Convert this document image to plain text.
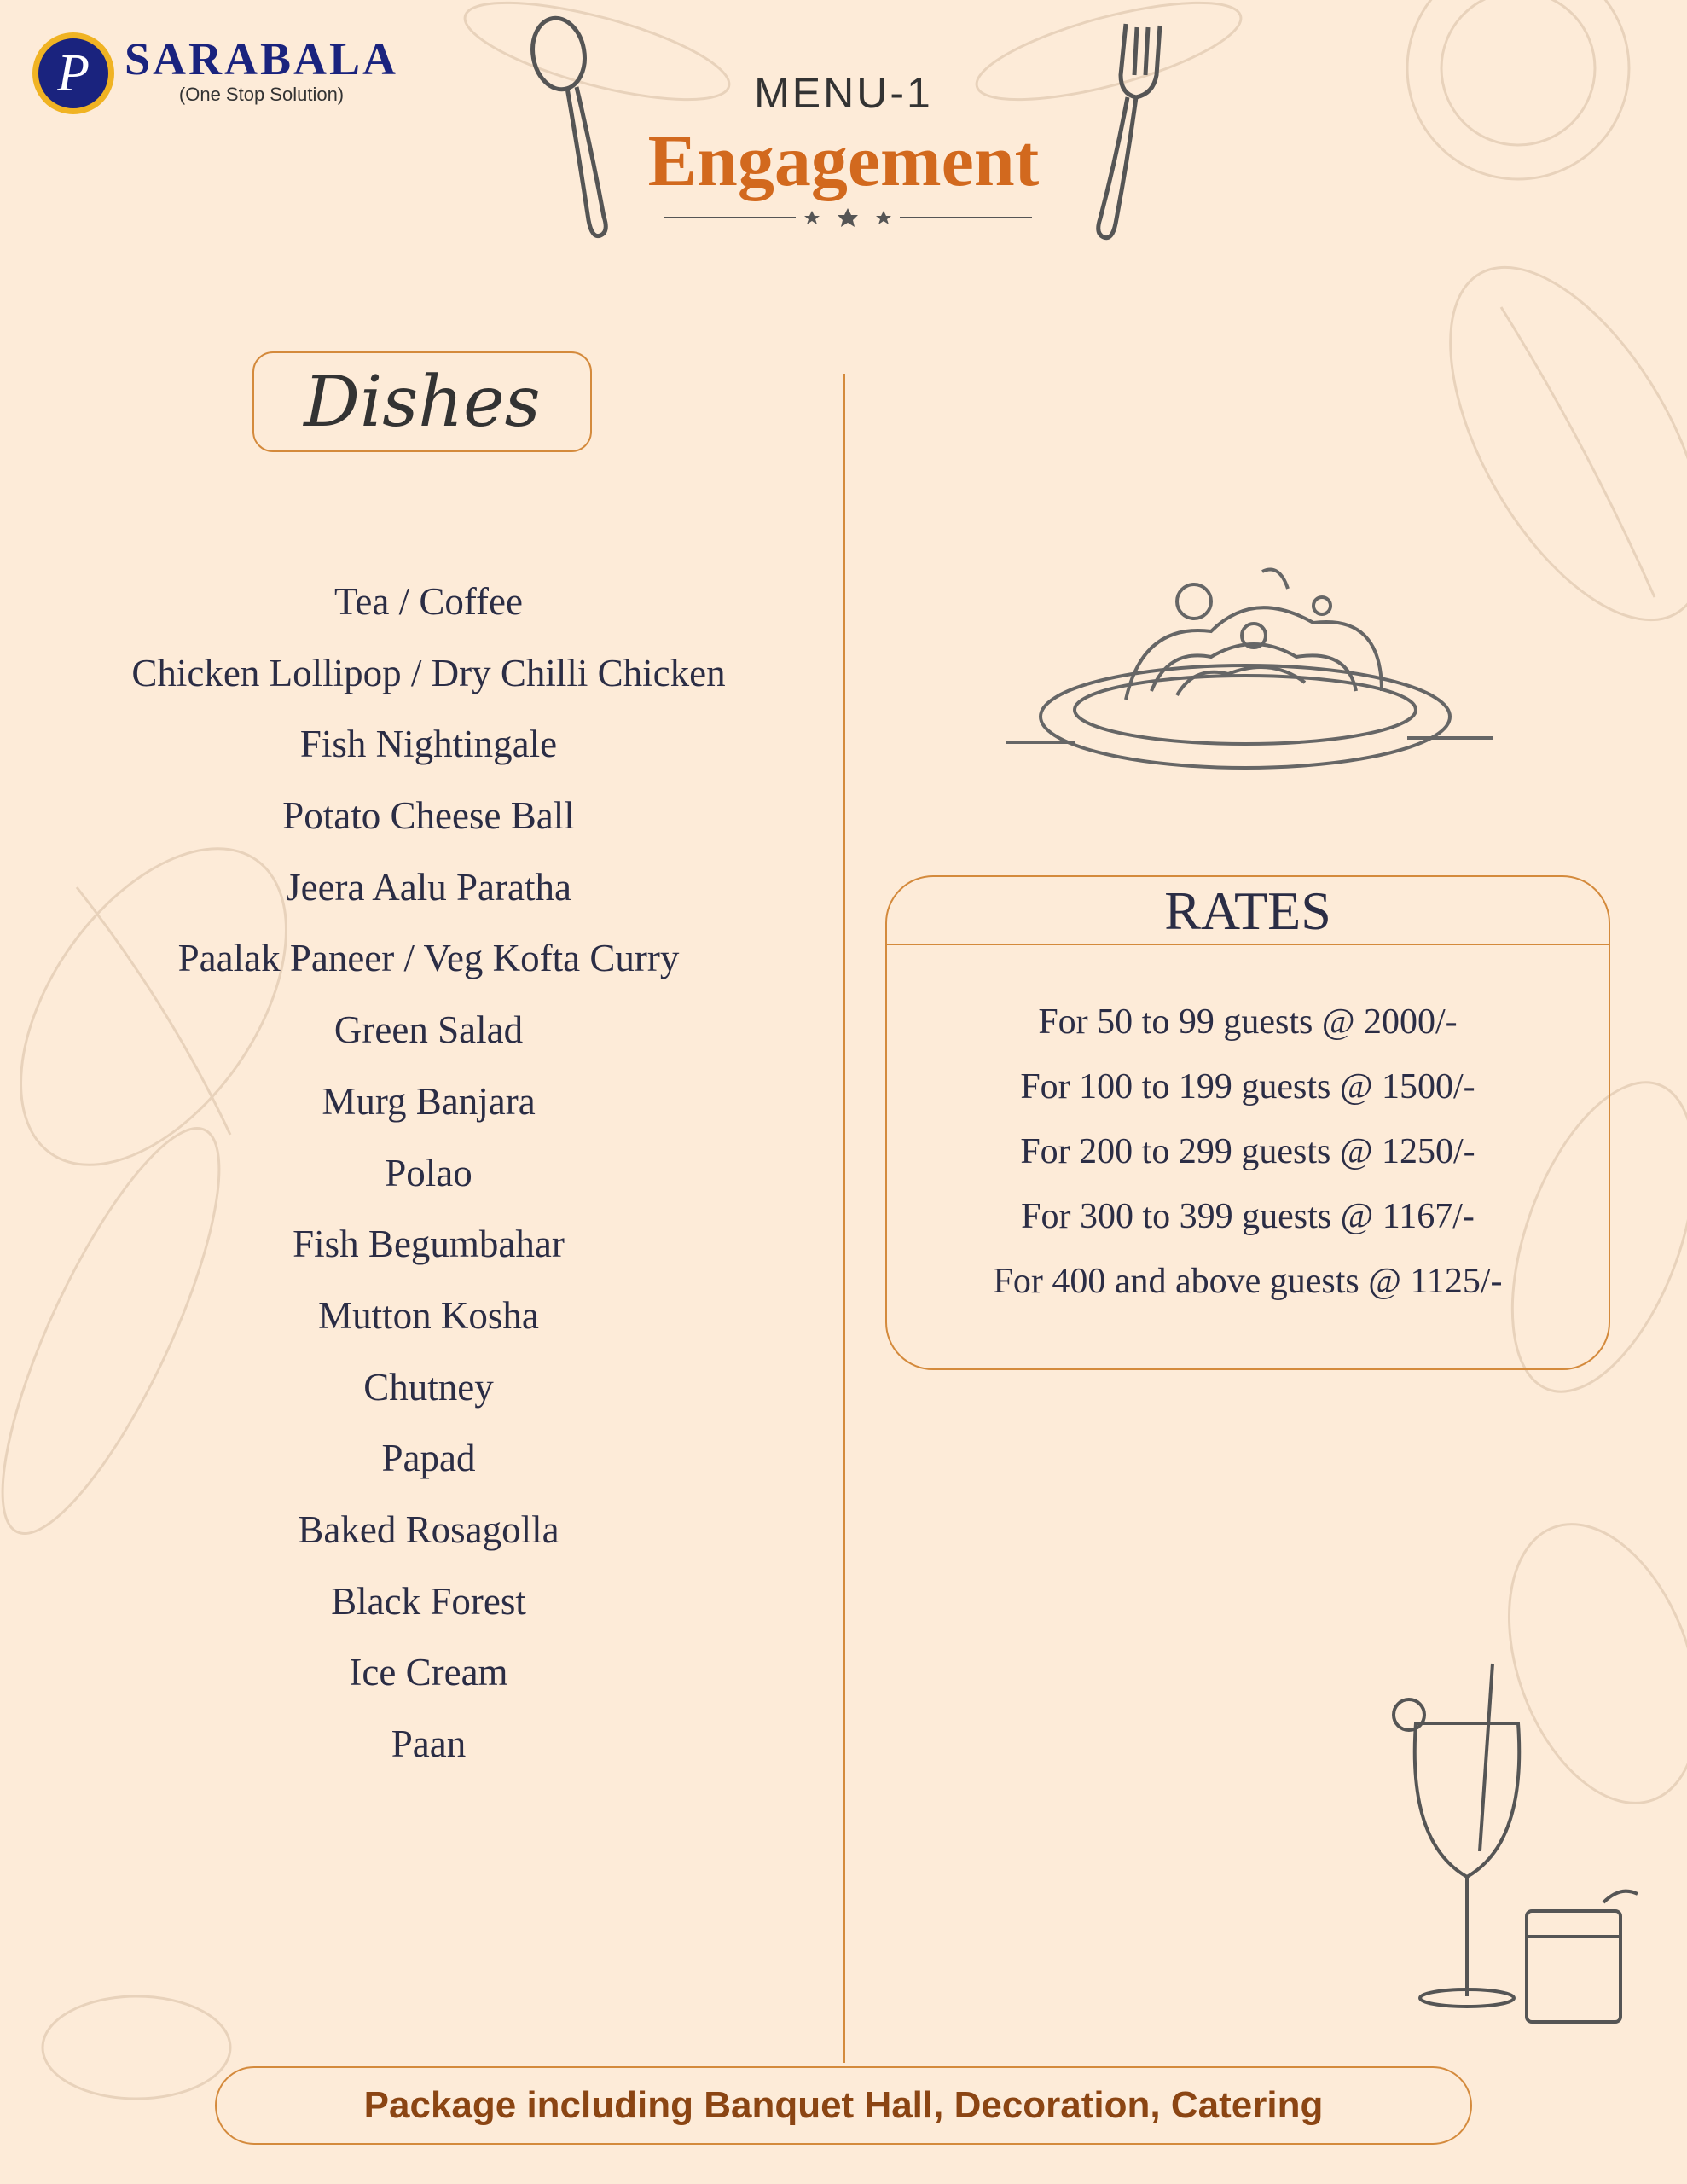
P SARABALA
(One Stop Solution)	MENU-1
Engagement
Dishes
Tea / Coffee
Chicken Lollipop / Dry Chilli Chicken
Fish Nightingale
Potato Cheese Ball
Jeera Aalu Paratha
Paalak Paneer / Veg Kofta Curry
Green Salad
Murg Banjara
Polao
Fish Begumbahar
Mutton Kosha
Chutney
Papad
Baked Rosagolla
Black Forest
Ice Cream
Paan
RATES
For 50 to 99 guests @ 2000/-
For 100 to 199 guests @ 1500/-
For 200 to 299 guests @ 1250/-
For 300 to 399 guests @ 1167/-
For 400 and above guests @ 1125/-
Package including Banquet Hall, Decoration, Catering
